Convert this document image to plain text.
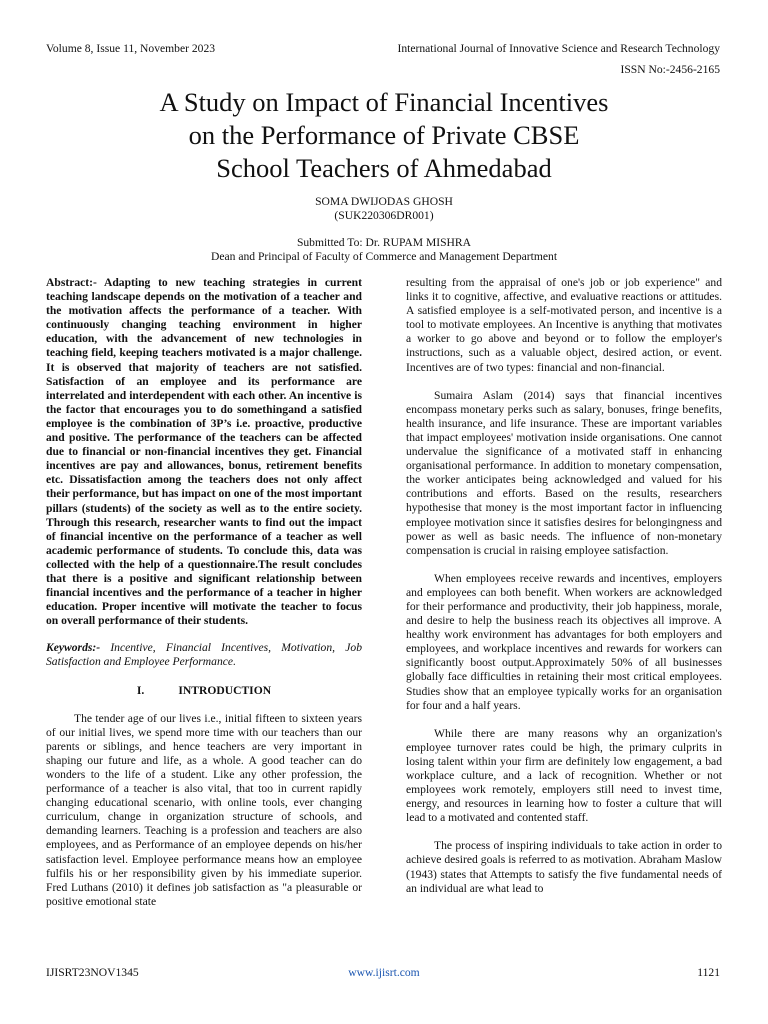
Volume 8, Issue 11, November 2023	International Journal of Innovative Science and Research Technology
ISSN No:-2456-2165
A Study on Impact of Financial Incentives
on the Performance of Private CBSE
School Teachers of Ahmedabad
SOMA DWIJODAS GHOSH
(SUK220306DR001)
Submitted To: Dr. RUPAM MISHRA
Dean and Principal of Faculty of Commerce and Management Department

Abstract:- Adapting to new teaching strategies in current teaching landscape depends on the motivation of a teacher and the motivation affects the performance of a teacher. With continuously changing teaching environment in higher education, with the advancement of new technologies in teaching field, keeping teachers motivated is a major challenge. It is observed that majority of teachers are not satisfied. Satisfaction of an employee and its performance are interrelated and interdependent with each other. An incentive is the factor that encourages you to do somethingand a satisfied employee is the combination of 3P’s i.e. proactive, productive and positive. The performance of the teachers can be affected due to financial or non-financial incentives they get. Financial incentives are pay and allowances, bonus, retirement benefits etc. Dissatisfaction among the teachers does not only affect their performance, but has impact on one of the most important pillars (students) of the society as well as to the entire society. Through this research, researcher wants to find out the impact of financial incentive on the performance of a teacher as well academic performance of students. To conclude this, data was collected with the help of a questionnaire.The result concludes that there is a positive and significant relationship between financial incentives and the performance of a teacher in higher education. Proper incentive will motivate the teacher to focus on overall performance of their students.

Keywords:- Incentive, Financial Incentives, Motivation, Job Satisfaction and Employee Performance.

I.	INTRODUCTION

The tender age of our lives i.e., initial fifteen to sixteen years of our initial lives, we spend more time with our teachers than our parents or siblings, and hence teachers are very important in shaping our future and life, as a whole. A good teacher can do wonders to the life of a student. Like any other profession, the performance of a teacher is also vital, that too in current rapidly changing educational scenario, with online tools, ever changing curriculum, change in organization structure of schools, and demanding learners. Teaching is a profession and teachers are also employees, and as Performance of an employee depends on his/her satisfaction level. Employee performance means how an employee fulfils his or her responsibility given by his immediate superior. Fred Luthans (2010) it defines job satisfaction as "a pleasurable or positive emotional state

resulting from the appraisal of one's job or job experience" and links it to cognitive, affective, and evaluative reactions or attitudes. A satisfied employee is a self-motivated person, and incentive is a tool to motivate employees. An Incentive is anything that motivates a worker to go above and beyond or to follow the employer's instructions, such as a valuable object, desired action, or event. Incentives are of two types: financial and non-financial.

Sumaira Aslam (2014) says that financial incentives encompass monetary perks such as salary, bonuses, fringe benefits, health insurance, and life insurance. These are important variables that impact employees' motivation inside organisations. One cannot undervalue the significance of a motivated staff in enhancing organisational performance. In addition to monetary compensation, the worker anticipates being acknowledged and valued for his contributions and efforts. Based on the results, researchers hypothesise that money is the most important factor in influencing employee motivation since it satisfies desires for belongingness and power as well as basic needs. The influence of non-monetary compensation is crucial in raising employee satisfaction.

When employees receive rewards and incentives, employers and employees can both benefit. When workers are acknowledged for their performance and productivity, their job happiness, morale, and desire to help the business reach its objectives all improve. A healthy work environment has advantages for both employers and employees, and workplace incentives and rewards for workers can significantly boost output.Approximately 50% of all businesses globally face difficulties in retaining their most critical employees. Studies show that an employee typically works for an organisation for four and a half years.

While there are many reasons why an organization's employee turnover rates could be high, the primary culprits in losing talent within your firm are definitely low engagement, a bad workplace culture, and a lack of recognition. Whether or not employees work remotely, employers still need to invest time, energy, and resources in learning how to foster a culture that will lead to a motivated and contented staff.

The process of inspiring individuals to take action in order to achieve desired goals is referred to as motivation. Abraham Maslow (1943) states that Attempts to satisfy the five fundamental needs of an individual are what lead to

IJISRT23NOV1345	www.ijisrt.com	1121
